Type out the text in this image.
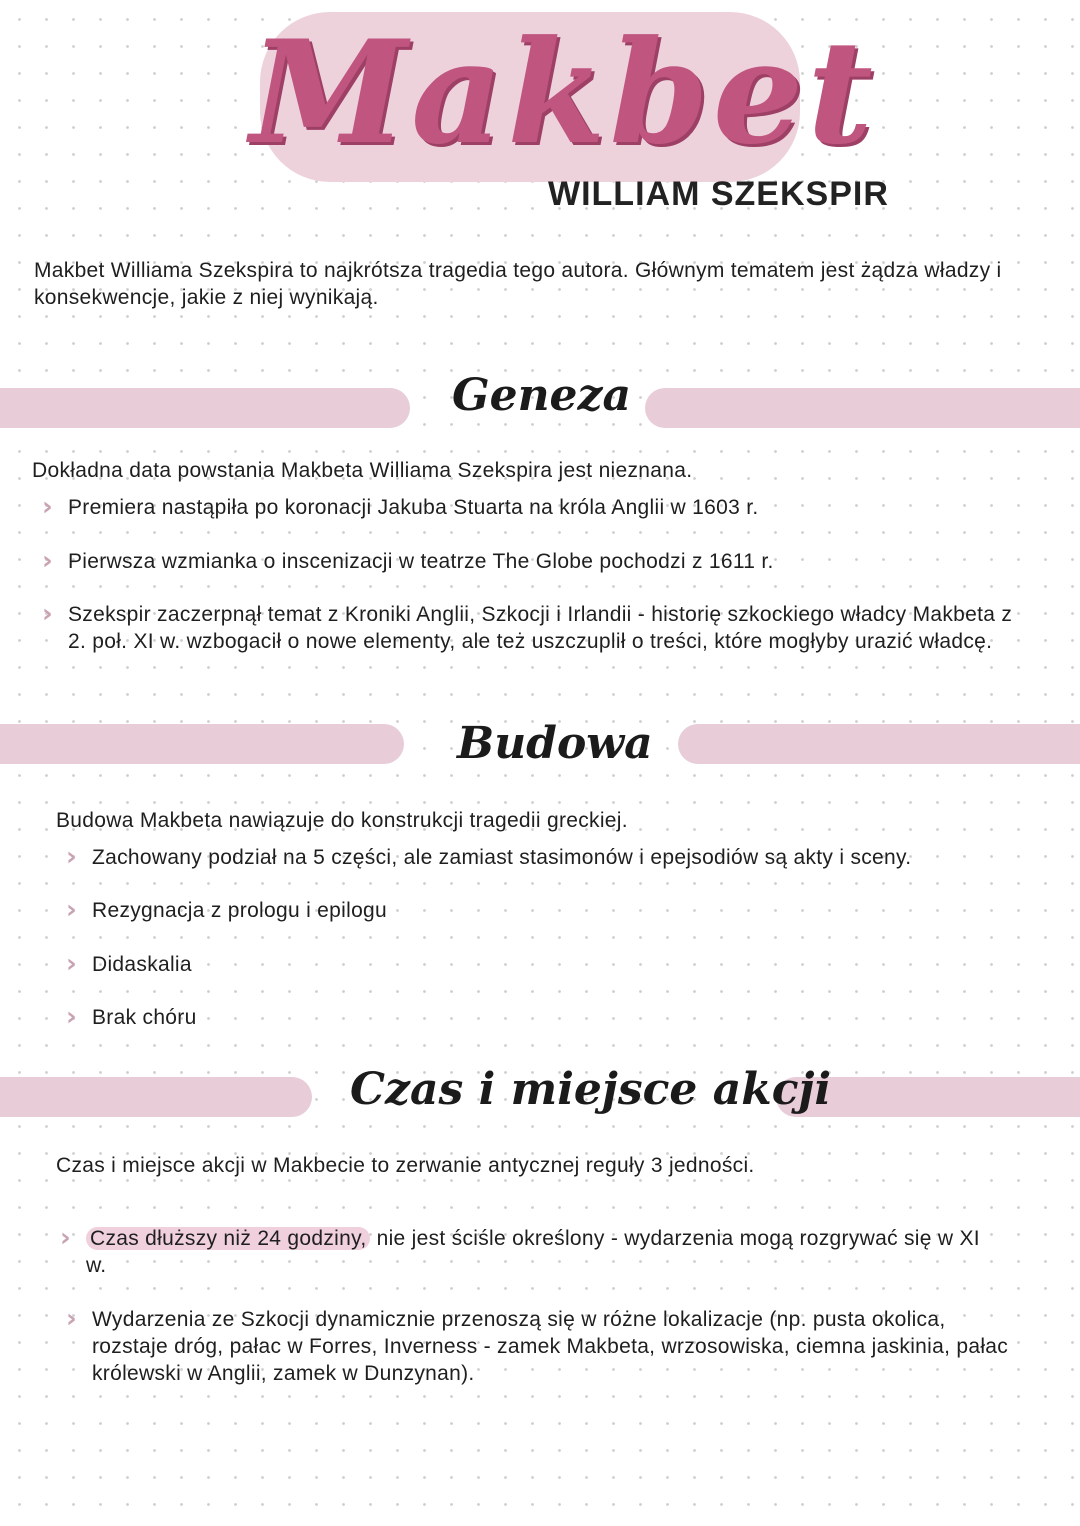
Makbet
WILLIAM SZEKSPIR
Makbet Williama Szekspira to najkrótsza tragedia tego autora. Głównym tematem jest żądza władzy i konsekwencje, jakie z niej wynikają.
Geneza
Dokładna data powstania Makbeta Williama Szekspira jest nieznana.
› Premiera nastąpiła po koronacji Jakuba Stuarta na króla Anglii w 1603 r.
› Pierwsza wzmianka o inscenizacji w teatrze The Globe pochodzi z 1611 r.
› Szekspir zaczerpnął temat z Kroniki Anglii, Szkocji i Irlandii - historię szkockiego władcy Makbeta z 2. poł. XI w. wzbogacił o nowe elementy, ale też uszczuplił o treści, które mogłyby urazić władcę.
Budowa
Budowa Makbeta nawiązuje do konstrukcji tragedii greckiej.
› Zachowany podział na 5 części, ale zamiast stasimonów i epejsodiów są akty i sceny.
› Rezygnacja z prologu i epilogu
› Didaskalia
› Brak chóru
Czas i miejsce akcji
Czas i miejsce akcji w Makbecie to zerwanie antycznej reguły 3 jedności.
› Czas dłuższy niż 24 godziny, nie jest ściśle określony - wydarzenia mogą rozgrywać się w XI w.
› Wydarzenia ze Szkocji dynamicznie przenoszą się w różne lokalizacje (np. pusta okolica, rozstaje dróg, pałac w Forres, Inverness - zamek Makbeta, wrzosowiska, ciemna jaskinia, pałac królewski w Anglii, zamek w Dunzynan).
